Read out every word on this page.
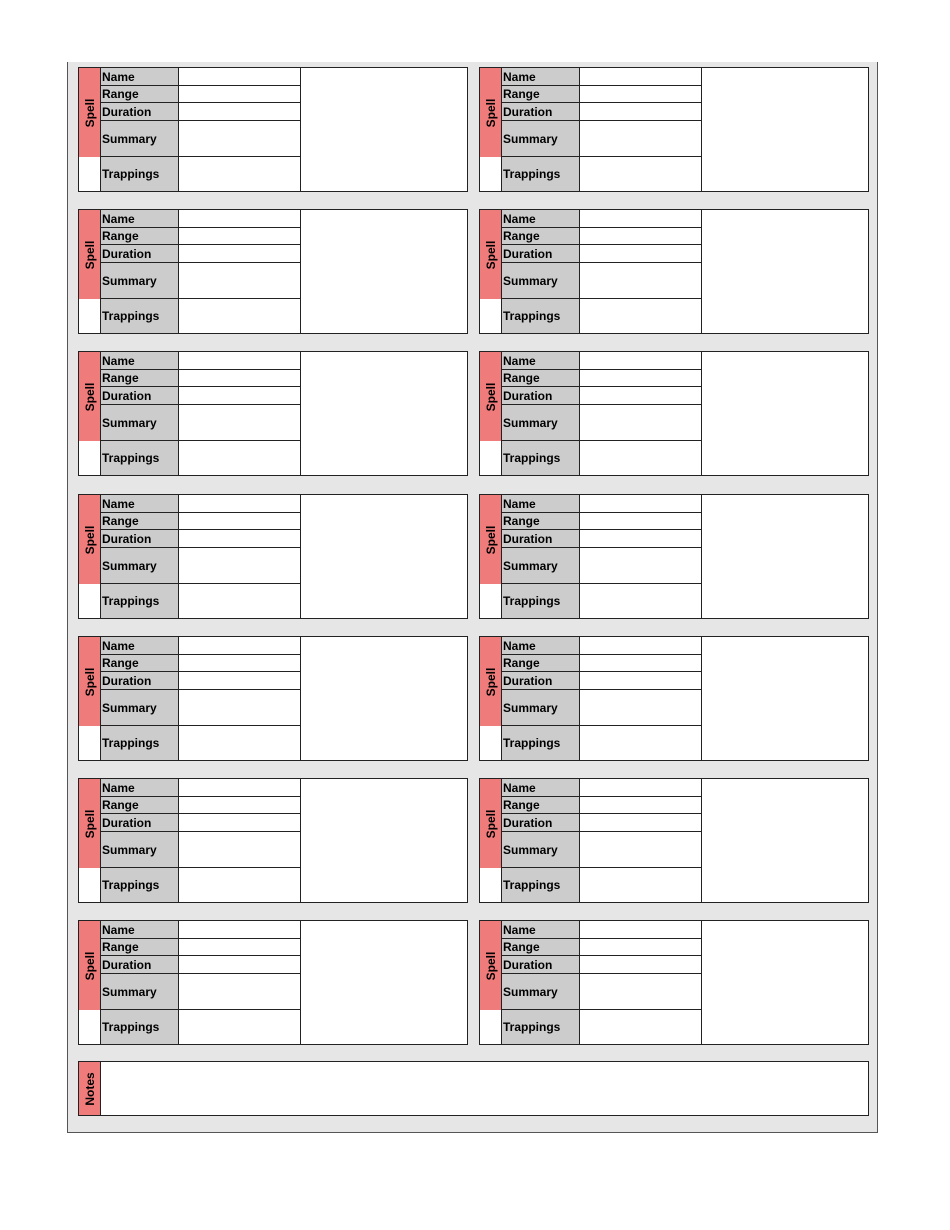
Spell
Name
Range
Duration
Summary
Trappings
Spell
Name
Range
Duration
Summary
Trappings
Spell
Name
Range
Duration
Summary
Trappings
Spell
Name
Range
Duration
Summary
Trappings
Spell
Name
Range
Duration
Summary
Trappings
Spell
Name
Range
Duration
Summary
Trappings
Spell
Name
Range
Duration
Summary
Trappings
Spell
Name
Range
Duration
Summary
Trappings
Spell
Name
Range
Duration
Summary
Trappings
Spell
Name
Range
Duration
Summary
Trappings
Spell
Name
Range
Duration
Summary
Trappings
Spell
Name
Range
Duration
Summary
Trappings
Spell
Name
Range
Duration
Summary
Trappings
Spell
Name
Range
Duration
Summary
Trappings
Notes
